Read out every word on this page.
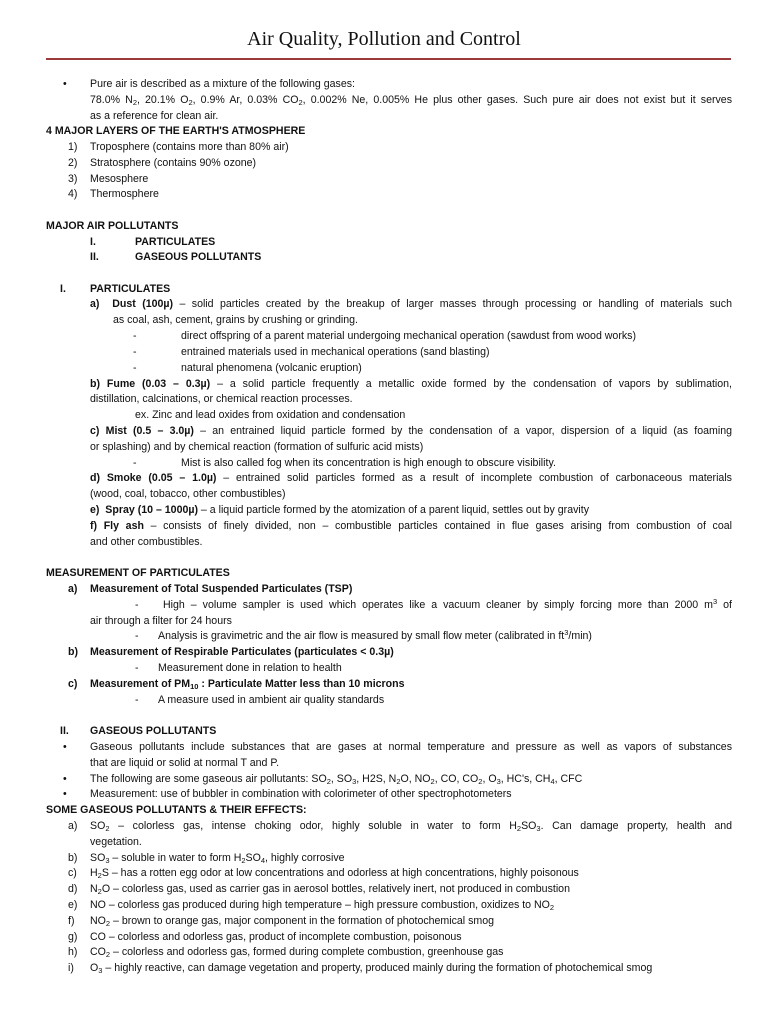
Air Quality, Pollution and Control
• Pure air is described as a mixture of the following gases:
78.0% $N_2$, 20.1% $O_2$, 0.9% Ar, 0.03% $CO_2$, 0.002% Ne, 0.005% He plus other gases. Such pure air does not exist but it serves
as a reference for clean air.
4 MAJOR LAYERS OF THE EARTH'S ATMOSPHERE
1) Troposphere (contains more than 80% air)
2) Stratosphere (contains 90% ozone)
3) Mesosphere
4) Thermosphere
MAJOR AIR POLLUTANTS
I.	PARTICULATES
II.	GASEOUS POLLUTANTS
I. PARTICULATES
a) Dust (100µ) – solid particles created by the breakup of larger masses through processing or handling of materials such
as coal, ash, cement, grains by crushing or grinding.
-	direct offspring of a parent material undergoing mechanical operation (sawdust from wood works)
-	entrained materials used in mechanical operations (sand blasting)
-	natural phenomena (volcanic eruption)
b) Fume (0.03 – 0.3µ) – a solid particle frequently a metallic oxide formed by the condensation of vapors by sublimation,
distillation, calcinations, or chemical reaction processes.
ex. Zinc and lead oxides from oxidation and condensation
c) Mist (0.5 – 3.0µ) – an entrained liquid particle formed by the condensation of a vapor, dispersion of a liquid (as foaming
or splashing) and by chemical reaction (formation of sulfuric acid mists)
-	Mist is also called fog when its concentration is high enough to obscure visibility.
d) Smoke (0.05 – 1.0µ) – entrained solid particles formed as a result of incomplete combustion of carbonaceous materials
(wood, coal, tobacco, other combustibles)
e)  Spray (10 – 1000µ) – a liquid particle formed by the atomization of a parent liquid, settles out by gravity
f) Fly ash – consists of finely divided, non – combustible particles contained in flue gases arising from combustion of coal
and other combustibles.
MEASUREMENT OF PARTICULATES
a) Measurement of Total Suspended Particulates (TSP)
- High – volume sampler is used which operates like a vacuum cleaner by simply forcing more than 2000 $m^3$ of
air through a filter for 24 hours
- Analysis is gravimetric and the air flow is measured by small flow meter (calibrated in $ft^3/\min$)
b) Measurement of Respirable Particulates (particulates < 0.3µ)
- Measurement done in relation to health
c) Measurement of $PM_{10}$ : Particulate Matter less than 10 microns
- A measure used in ambient air quality standards
II. GASEOUS POLLUTANTS
• Gaseous pollutants include substances that are gases at normal temperature and pressure as well as vapors of substances
that are liquid or solid at normal T and P.
• The following are some gaseous air pollutants: $SO_2$, $SO_3$, H2S, $N_2O$, $NO_2$, CO, $CO_2$, $O_3$, HC's, $CH_4$, CFC
• Measurement: use of bubbler in combination with colorimeter of other spectrophotometers
SOME GASEOUS POLLUTANTS & THEIR EFFECTS:
a) $SO_2$ – colorless gas, intense choking odor, highly soluble in water to form $H_2SO_3$. Can damage property, health and
vegetation.
b) $SO_3$ – soluble in water to form $H_2SO_4$, highly corrosive
c) $H_2S$ – has a rotten egg odor at low concentrations and odorless at high concentrations, highly poisonous
d) $N_2O$ – colorless gas, used as carrier gas in aerosol bottles, relatively inert, not produced in combustion
e) NO – colorless gas produced during high temperature – high pressure combustion, oxidizes to $NO_2$
f) $NO_2$ – brown to orange gas, major component in the formation of photochemical smog
g) CO – colorless and odorless gas, product of incomplete combustion, poisonous
h) $CO_2$ – colorless and odorless gas, formed during complete combustion, greenhouse gas
i) $O_3$ – highly reactive, can damage vegetation and property, produced mainly during the formation of photochemical smog
